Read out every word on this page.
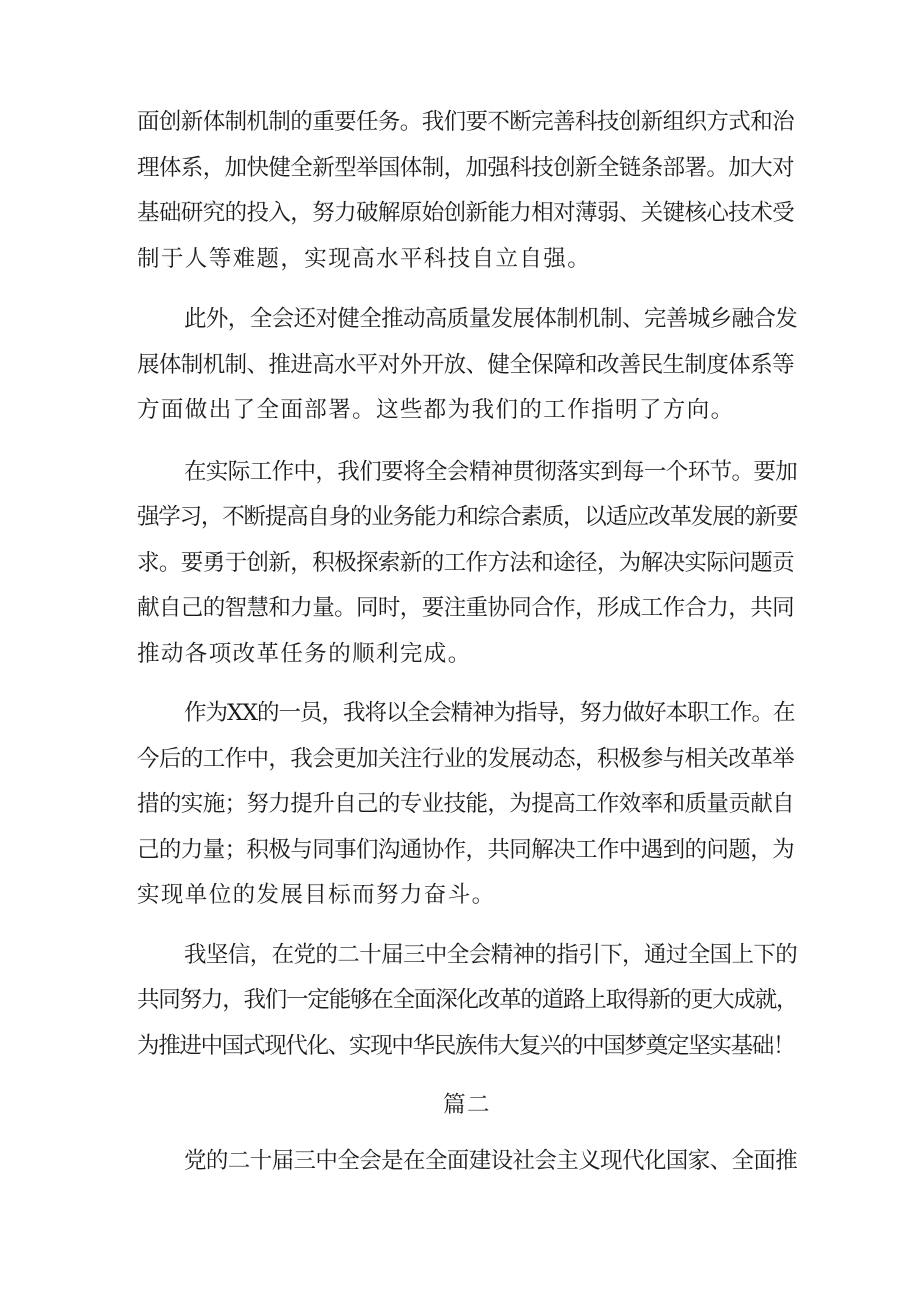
面创新体制机制的重要任务。我们要不断完善科技创新组织方式和治
理体系，加快健全新型举国体制，加强科技创新全链条部署。加大对
基础研究的投入，努力破解原始创新能力相对薄弱、关键核心技术受
制于人等难题，实现高水平科技自立自强。

此外，全会还对健全推动高质量发展体制机制、完善城乡融合发
展体制机制、推进高水平对外开放、健全保障和改善民生制度体系等
方面做出了全面部署。这些都为我们的工作指明了方向。

在实际工作中，我们要将全会精神贯彻落实到每一个环节。要加
强学习，不断提高自身的业务能力和综合素质，以适应改革发展的新要
求。要勇于创新，积极探索新的工作方法和途径，为解决实际问题贡
献自己的智慧和力量。同时，要注重协同合作，形成工作合力，共同
推动各项改革任务的顺利完成。

作为XX的一员，我将以全会精神为指导，努力做好本职工作。在
今后的工作中，我会更加关注行业的发展动态，积极参与相关改革举
措的实施；努力提升自己的专业技能，为提高工作效率和质量贡献自
己的力量；积极与同事们沟通协作，共同解决工作中遇到的问题，为
实现单位的发展目标而努力奋斗。

我坚信，在党的二十届三中全会精神的指引下，通过全国上下的
共同努力，我们一定能够在全面深化改革的道路上取得新的更大成就，
为推进中国式现代化、实现中华民族伟大复兴的中国梦奠定坚实基础！

篇二

党的二十届三中全会是在全面建设社会主义现代化国家、全面推
